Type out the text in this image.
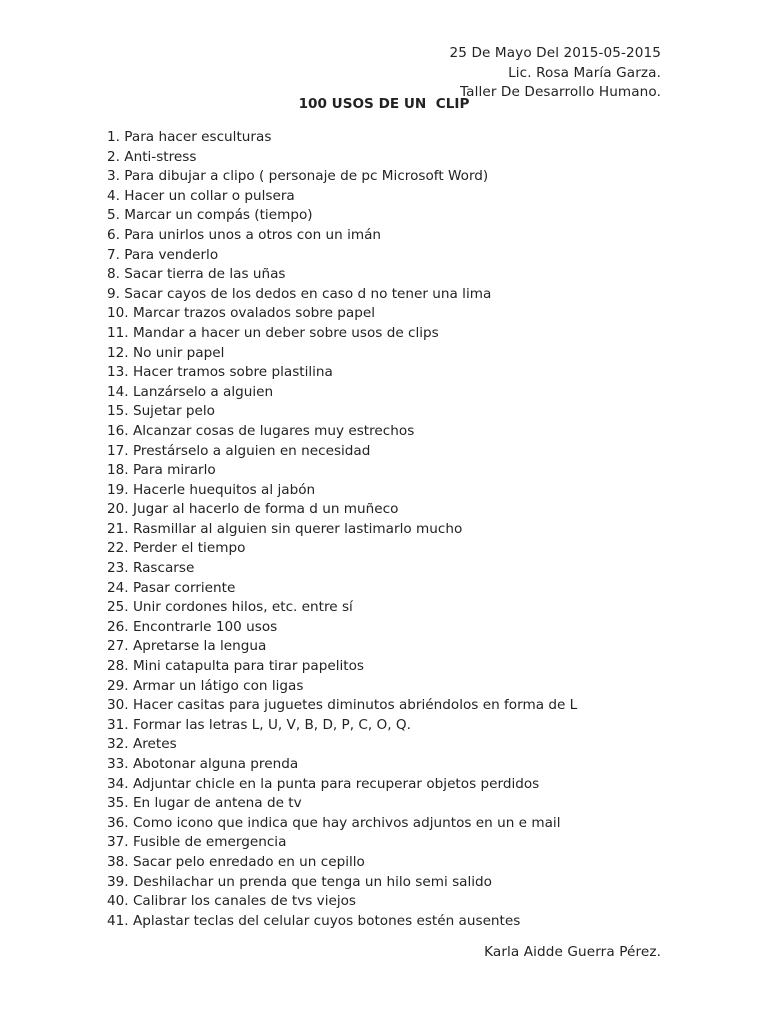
25 De Mayo Del 2015-05-2015
Lic. Rosa María Garza.
Taller De Desarrollo Humano.
100 USOS DE UN  CLIP
1. Para hacer esculturas
2. Anti-stress
3. Para dibujar a clipo ( personaje de pc Microsoft Word)
4. Hacer un collar o pulsera
5. Marcar un compás (tiempo)
6. Para unirlos unos a otros con un imán
7. Para venderlo
8. Sacar tierra de las uñas
9. Sacar cayos de los dedos en caso d no tener una lima
10. Marcar trazos ovalados sobre papel
11. Mandar a hacer un deber sobre usos de clips
12. No unir papel
13. Hacer tramos sobre plastilina
14. Lanzárselo a alguien
15. Sujetar pelo
16. Alcanzar cosas de lugares muy estrechos
17. Prestárselo a alguien en necesidad
18. Para mirarlo
19. Hacerle huequitos al jabón
20. Jugar al hacerlo de forma d un muñeco
21. Rasmillar al alguien sin querer lastimarlo mucho
22. Perder el tiempo
23. Rascarse
24. Pasar corriente
25. Unir cordones hilos, etc. entre sí
26. Encontrarle 100 usos
27. Apretarse la lengua
28. Mini catapulta para tirar papelitos
29. Armar un látigo con ligas
30. Hacer casitas para juguetes diminutos abriéndolos en forma de L
31. Formar las letras L, U, V, B, D, P, C, O, Q.
32. Aretes
33. Abotonar alguna prenda
34. Adjuntar chicle en la punta para recuperar objetos perdidos
35. En lugar de antena de tv
36. Como icono que indica que hay archivos adjuntos en un e mail
37. Fusible de emergencia
38. Sacar pelo enredado en un cepillo
39. Deshilachar un prenda que tenga un hilo semi salido
40. Calibrar los canales de tvs viejos
41. Aplastar teclas del celular cuyos botones estén ausentes
Karla Aidde Guerra Pérez.
